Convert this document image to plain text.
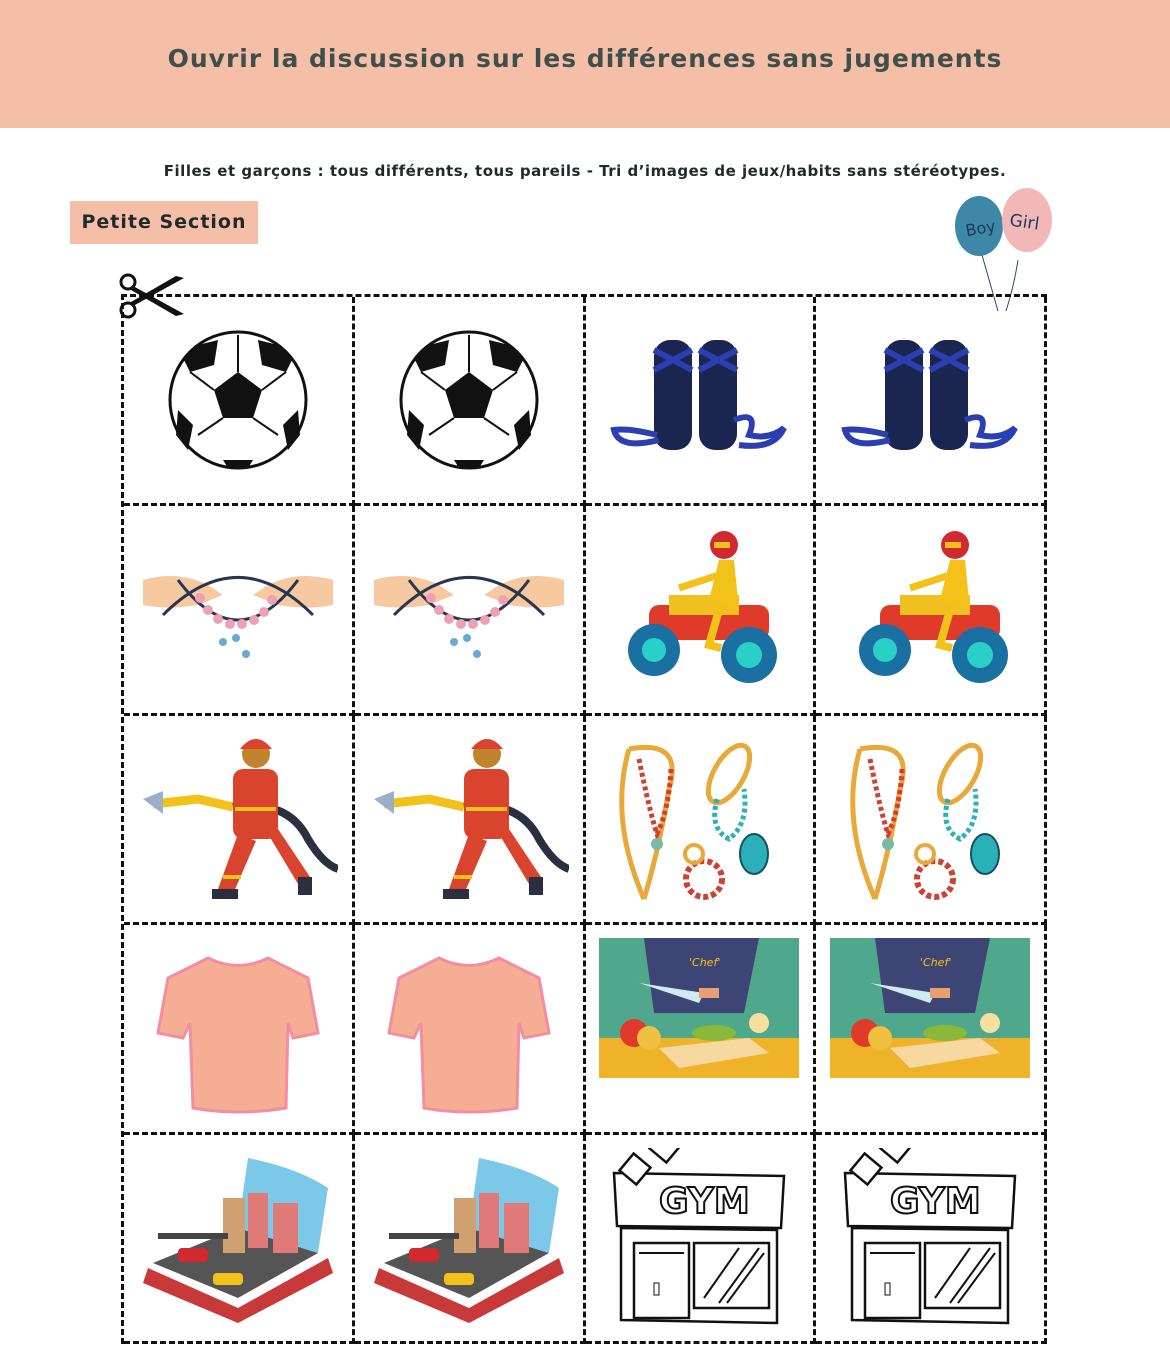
Ouvrir la discussion sur les différences sans jugements
Filles et garçons : tous différents, tous pareils - Tri d’images de jeux/habits sans stéréotypes.
Petite Section	Boy Girl
'Chef'	'Chef'
GYM	GYM
